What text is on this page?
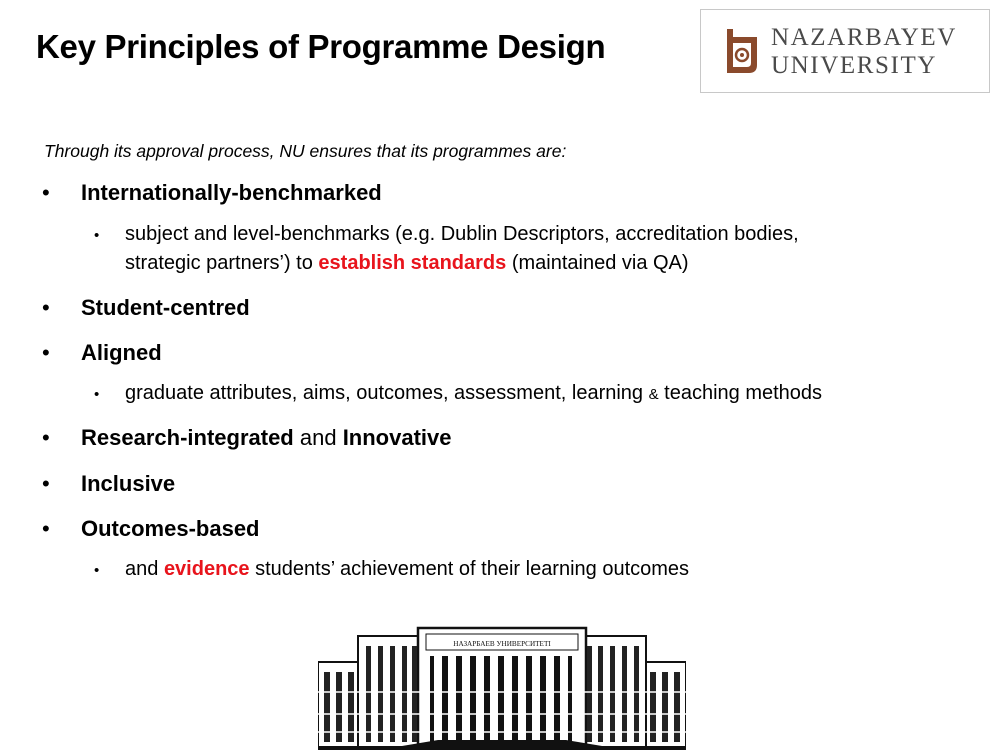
Key Principles of Programme Design	NAZARBAYEV
UNIVERSITY
Through its approval process, NU ensures that its programmes are:
• Internationally-benchmarked
• subject and level-benchmarks (e.g. Dublin Descriptors, accreditation bodies,
strategic partners’) to establish standards (maintained via QA)
• Student-centred
• Aligned
• graduate attributes, aims, outcomes, assessment, learning & teaching methods
• Research-integrated and Innovative
• Inclusive
• Outcomes-based
• and evidence students’ achievement of their learning outcomes
НАЗАРБАЕВ УНИВЕРСИТЕТІ
